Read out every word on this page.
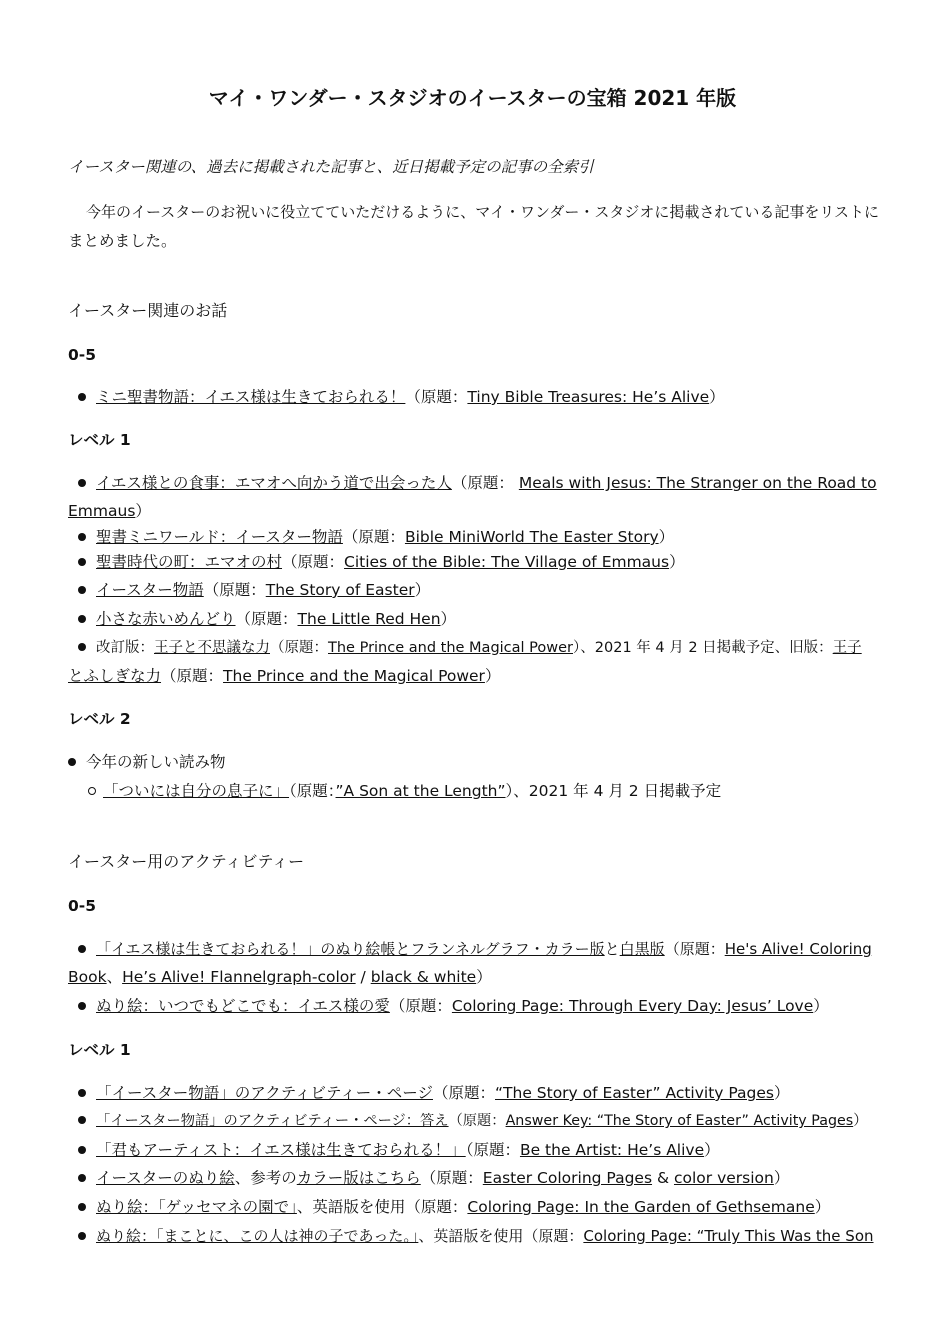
マイ・ワンダー・スタジオのイースターの宝箱 2021 年版
イースター関連の、過去に掲載された記事と、近日掲載予定の記事の全索引
今年のイースターのお祝いに役立てていただけるように、マイ・ワンダー・スタジオに掲載されている記事をリストに
まとめました。
イースター関連のお話
0-5
ミニ聖書物語：イエス様は生きておられる！（原題：Tiny Bible Treasures: He’s Alive）
レベル 1
イエス様との食事：エマオへ向かう道で出会った人（原題： Meals with Jesus: The Stranger on the Road to
Emmaus）
聖書ミニワールド：イースター物語（原題：Bible MiniWorld The Easter Story）
聖書時代の町：エマオの村（原題：Cities of the Bible: The Village of Emmaus）
イースター物語（原題：The Story of Easter）
小さな赤いめんどり（原題：The Little Red Hen）
改訂版：王子と不思議な力（原題：The Prince and the Magical Power）、2021 年 4 月 2 日掲載予定、旧版：王子
とふしぎな力（原題：The Prince and the Magical Power）
レベル 2
今年の新しい読み物
「ついには自分の息子に」（原題：”A Son at the Length”）、2021 年 4 月 2 日掲載予定
イースター用のアクティビティー
0-5
「イエス様は生きておられる！」のぬり絵帳とフランネルグラフ・カラー版と白黒版（原題：He's Alive! Coloring
Book、He’s Alive! Flannelgraph-color / black & white）
ぬり絵：いつでもどこでも：イエス様の愛（原題：Coloring Page: Through Every Day: Jesus’ Love）
レベル 1
「イースター物語」のアクティビティー・ページ（原題：“The Story of Easter” Activity Pages）
「イースター物語」のアクティビティー・ページ：答え（原題：Answer Key: “The Story of Easter” Activity Pages）
「君もアーティスト：イエス様は生きておられる！」（原題：Be the Artist: He’s Alive）
イースターのぬり絵、参考のカラー版はこちら（原題：Easter Coloring Pages & color version）
ぬり絵：「ゲッセマネの園で」、英語版を使用（原題：Coloring Page: In the Garden of Gethsemane）
ぬり絵：「まことに、この人は神の子であった。」、英語版を使用（原題：Coloring Page: “Truly This Was the Son
